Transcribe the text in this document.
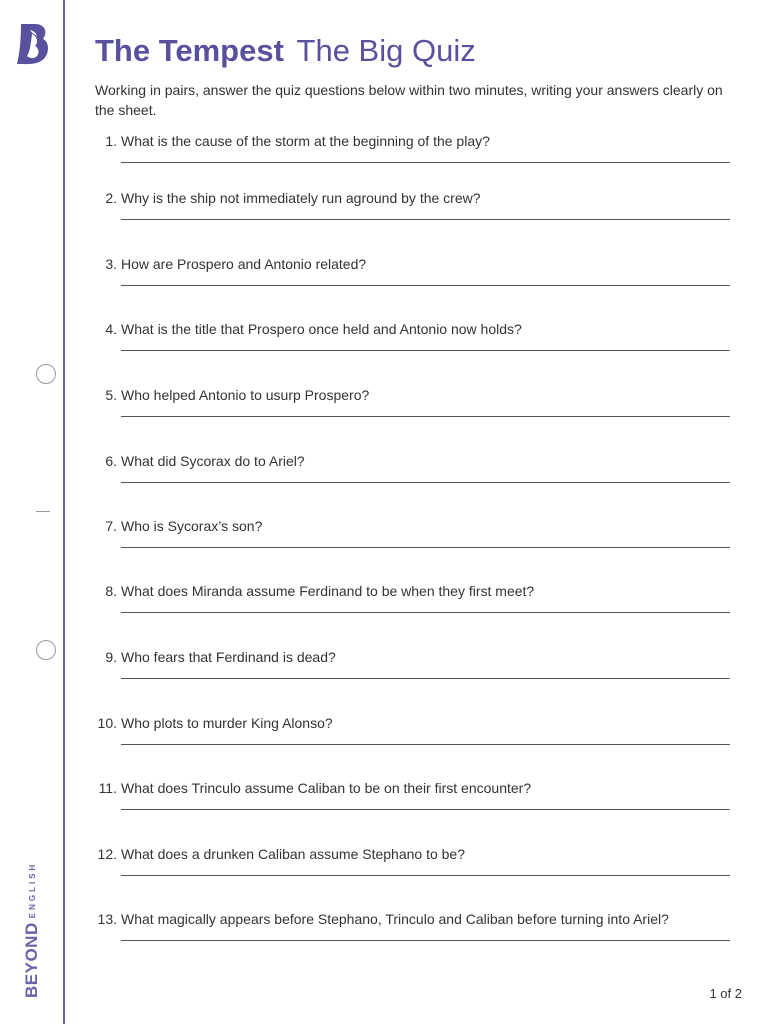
BEYONDENGLISH
The Tempest The Big Quiz

Working in pairs, answer the quiz questions below within two minutes, writing your answers clearly on the sheet.

1. What is the cause of the storm at the beginning of the play?
2. Why is the ship not immediately run aground by the crew?
3. How are Prospero and Antonio related?
4. What is the title that Prospero once held and Antonio now holds?
5. Who helped Antonio to usurp Prospero?
6. What did Sycorax do to Ariel?
7. Who is Sycorax’s son?
8. What does Miranda assume Ferdinand to be when they first meet?
9. Who fears that Ferdinand is dead?
10. Who plots to murder King Alonso?
11. What does Trinculo assume Caliban to be on their first encounter?
12. What does a drunken Caliban assume Stephano to be?
13. What magically appears before Stephano, Trinculo and Caliban before turning into Ariel?
1 of 2
